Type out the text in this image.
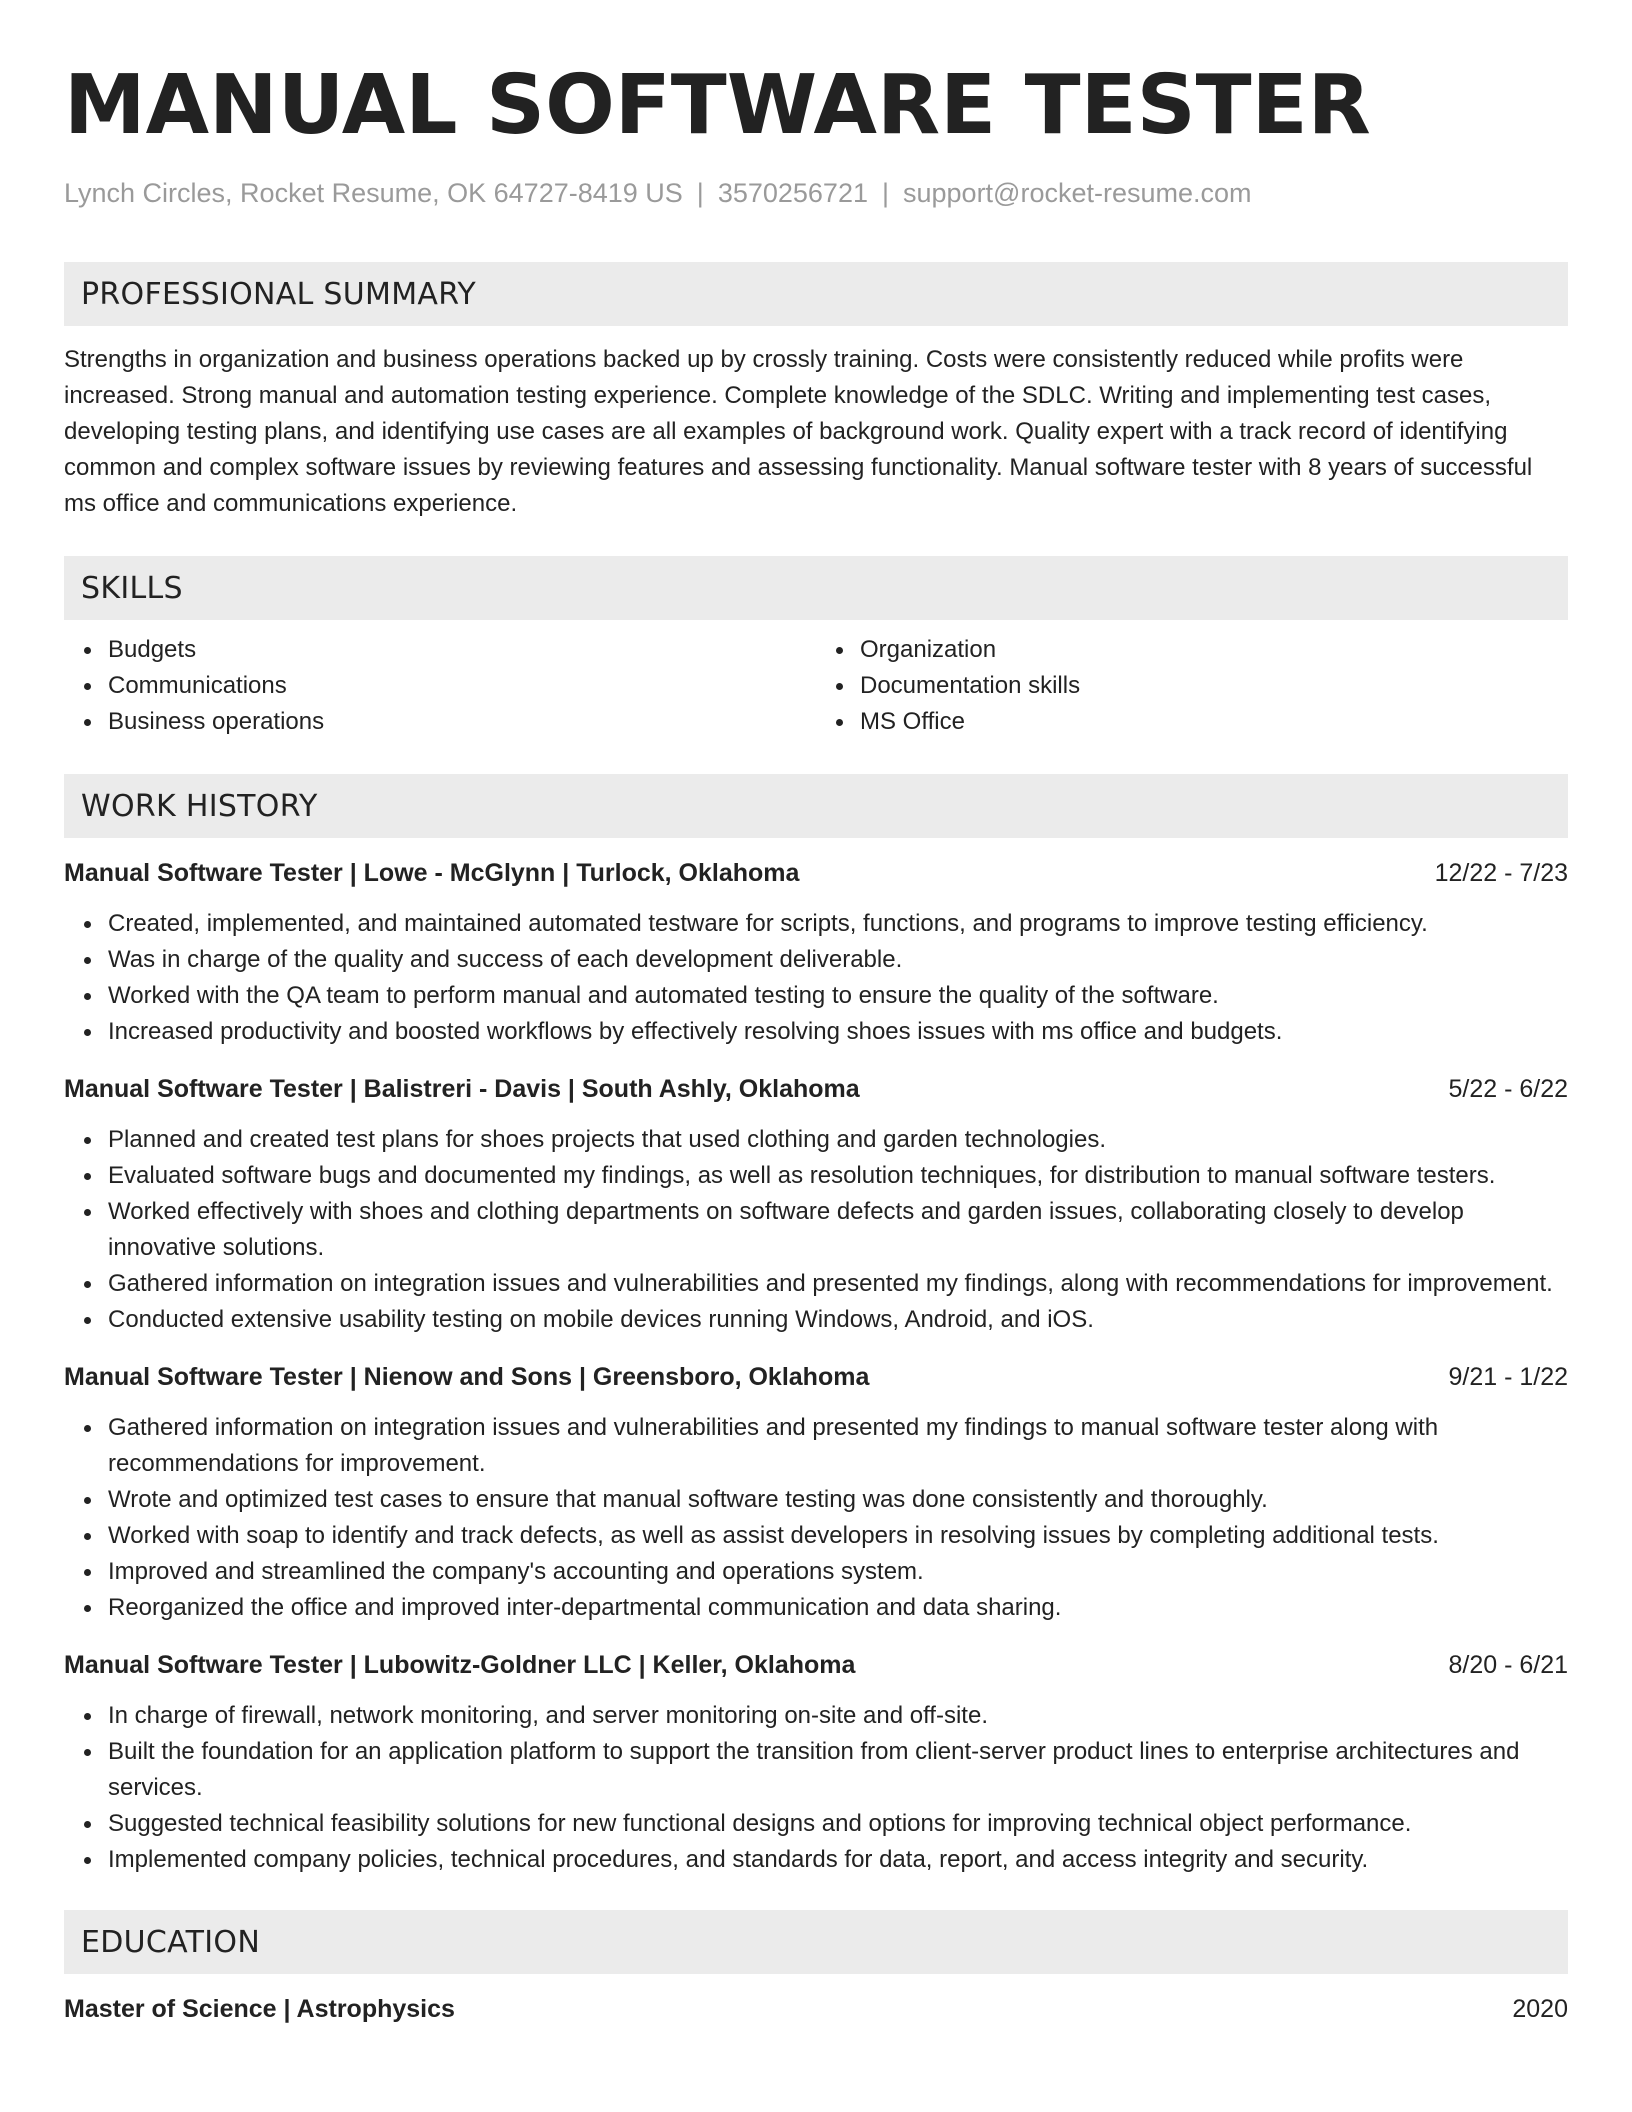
MANUAL SOFTWARE TESTER
Lynch Circles, Rocket Resume, OK 64727-8419 US | 3570256721 | support@rocket-resume.com
PROFESSIONAL SUMMARY

Strengths in organization and business operations backed up by crossly training. Costs were consistently reduced while profits were increased. Strong manual and automation testing experience. Complete knowledge of the SDLC. Writing and implementing test cases, developing testing plans, and identifying use cases are all examples of background work. Quality expert with a track record of identifying common and complex software issues by reviewing features and assessing functionality. Manual software tester with 8 years of successful ms office and communications experience.

SKILLS
Budgets
Communications
Business operations
Organization
Documentation skills
MS Office
WORK HISTORY
Manual Software Tester | Lowe - McGlynn | Turlock, Oklahoma	12/22 - 7/23
Created, implemented, and maintained automated testware for scripts, functions, and programs to improve testing efficiency.
Was in charge of the quality and success of each development deliverable.
Worked with the QA team to perform manual and automated testing to ensure the quality of the software.
Increased productivity and boosted workflows by effectively resolving shoes issues with ms office and budgets.
Manual Software Tester | Balistreri - Davis | South Ashly, Oklahoma	5/22 - 6/22
Planned and created test plans for shoes projects that used clothing and garden technologies.
Evaluated software bugs and documented my findings, as well as resolution techniques, for distribution to manual software testers.
Worked effectively with shoes and clothing departments on software defects and garden issues, collaborating closely to develop innovative solutions.
Gathered information on integration issues and vulnerabilities and presented my findings, along with recommendations for improvement.
Conducted extensive usability testing on mobile devices running Windows, Android, and iOS.
Manual Software Tester | Nienow and Sons | Greensboro, Oklahoma	9/21 - 1/22
Gathered information on integration issues and vulnerabilities and presented my findings to manual software tester along with recommendations for improvement.
Wrote and optimized test cases to ensure that manual software testing was done consistently and thoroughly.
Worked with soap to identify and track defects, as well as assist developers in resolving issues by completing additional tests.
Improved and streamlined the company's accounting and operations system.
Reorganized the office and improved inter-departmental communication and data sharing.
Manual Software Tester | Lubowitz-Goldner LLC | Keller, Oklahoma	8/20 - 6/21
In charge of firewall, network monitoring, and server monitoring on-site and off-site.
Built the foundation for an application platform to support the transition from client-server product lines to enterprise architectures and services.
Suggested technical feasibility solutions for new functional designs and options for improving technical object performance.
Implemented company policies, technical procedures, and standards for data, report, and access integrity and security.
EDUCATION
Master of Science | Astrophysics	2020
